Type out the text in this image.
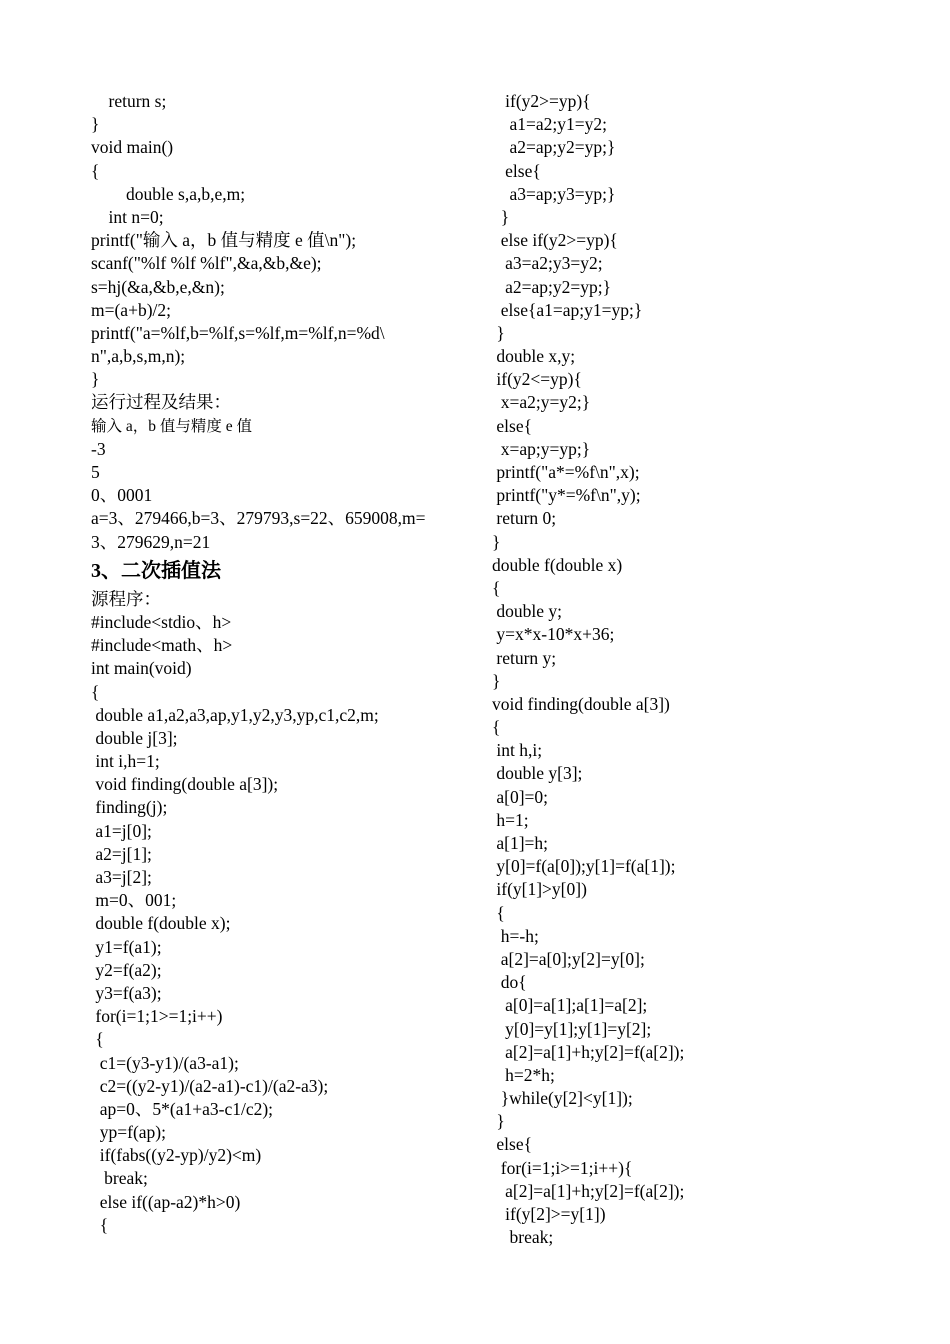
return s;
}
void main()
{
double s,a,b,e,m;
int n=0;
printf("输入 a，b 值与精度 e 值\n");
scanf("%lf %lf %lf",&a,&b,&e);
s=hj(&a,&b,e,&n);
m=(a+b)/2;
printf("a=%lf,b=%lf,s=%lf,m=%lf,n=%d\
n",a,b,s,m,n);
}
运行过程及结果：
输入 a，b 值与精度 e 值
-3
5
0、0001
a=3、279466,b=3、279793,s=22、659008,m=
3、279629,n=21
3、二次插值法
源程序：
#include<stdio、h>
#include<math、h>
int main(void)
{
double a1,a2,a3,ap,y1,y2,y3,yp,c1,c2,m;
double j[3];
int i,h=1;
void finding(double a[3]);
finding(j);
a1=j[0];
a2=j[1];
a3=j[2];
m=0、001;
double f(double x);
y1=f(a1);
y2=f(a2);
y3=f(a3);
for(i=1;1>=1;i++)
{
c1=(y3-y1)/(a3-a1);
c2=((y2-y1)/(a2-a1)-c1)/(a2-a3);
ap=0、5*(a1+a3-c1/c2);
yp=f(ap);
if(fabs((y2-yp)/y2)<m)
break;
else if((ap-a2)*h>0)
{
if(y2>=yp){
a1=a2;y1=y2;
a2=ap;y2=yp;}
else{
a3=ap;y3=yp;}
}
else if(y2>=yp){
a3=a2;y3=y2;
a2=ap;y2=yp;}
else{a1=ap;y1=yp;}
}
double x,y;
if(y2<=yp){
x=a2;y=y2;}
else{
x=ap;y=yp;}
printf("a*=%f\n",x);
printf("y*=%f\n",y);
return 0;
}
double f(double x)
{
double y;
y=x*x-10*x+36;
return y;
}
void finding(double a[3])
{
int h,i;
double y[3];
a[0]=0;
h=1;
a[1]=h;
y[0]=f(a[0]);y[1]=f(a[1]);
if(y[1]>y[0])
{
h=-h;
a[2]=a[0];y[2]=y[0];
do{
a[0]=a[1];a[1]=a[2];
y[0]=y[1];y[1]=y[2];
a[2]=a[1]+h;y[2]=f(a[2]);
h=2*h;
}while(y[2]<y[1]);
}
else{
for(i=1;i>=1;i++){
a[2]=a[1]+h;y[2]=f(a[2]);
if(y[2]>=y[1])
break;
